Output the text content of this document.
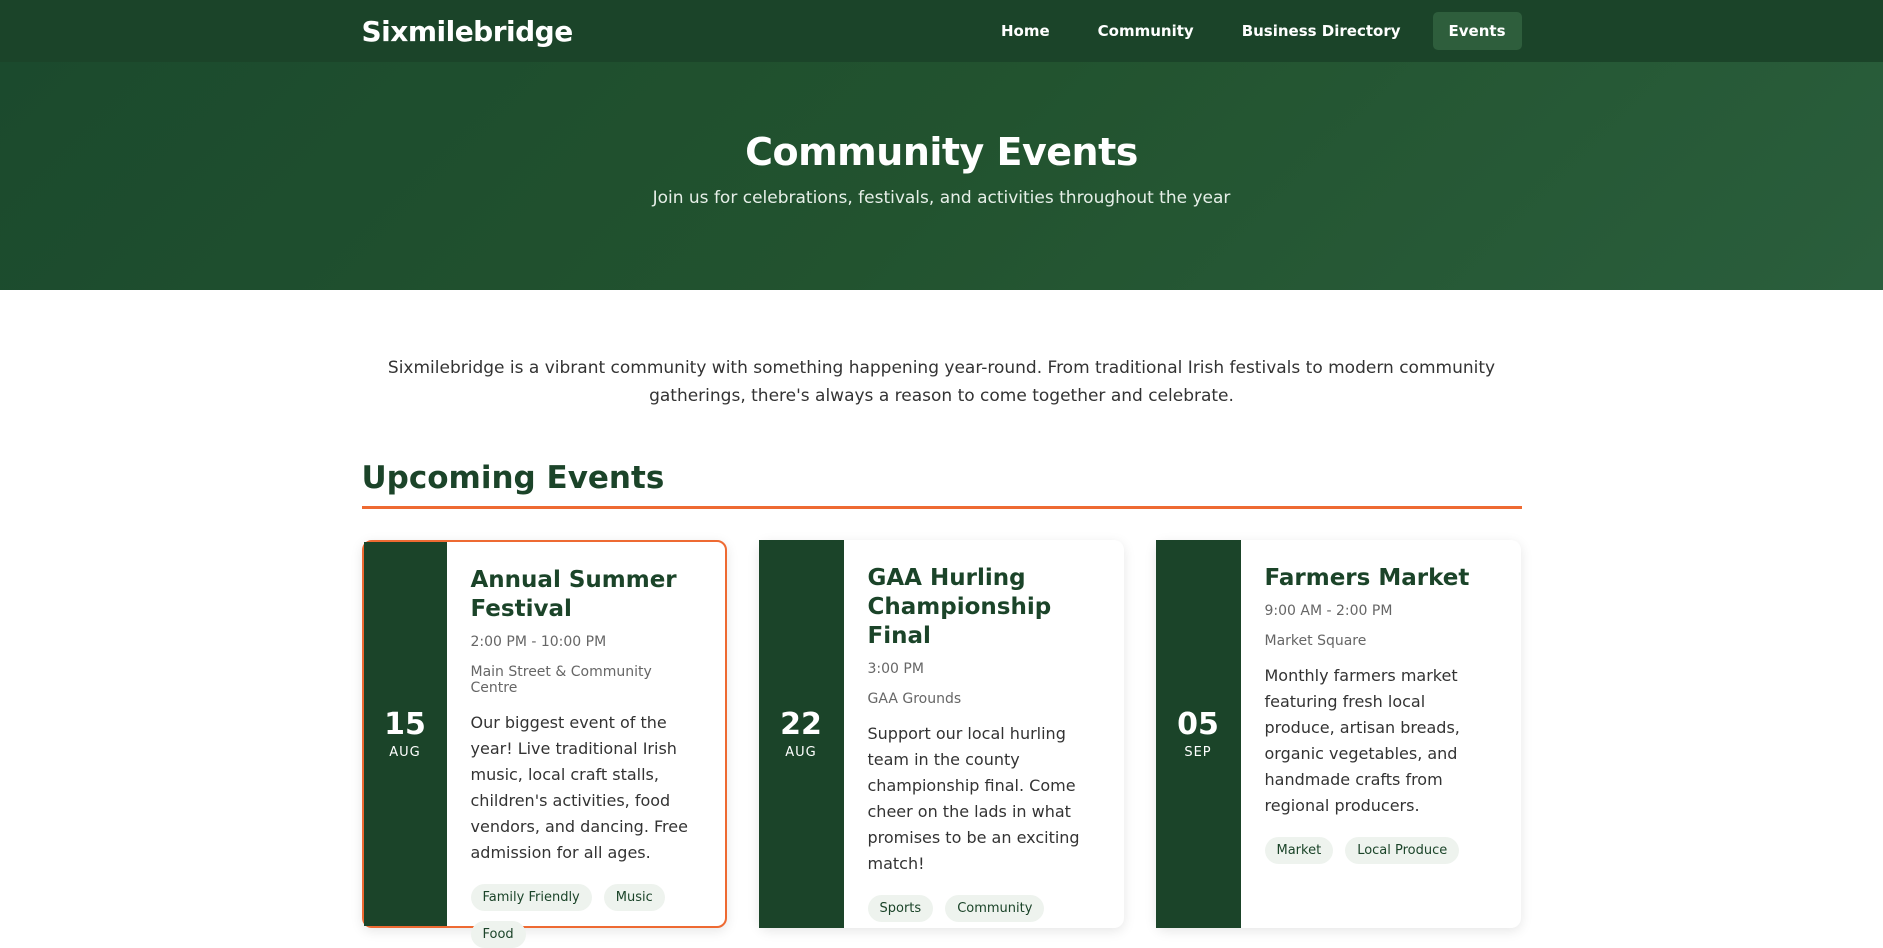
Sixmilebridge	Home	Community	Business Directory	Events
Community Events

Join us for celebrations, festivals, and activities throughout the year

Sixmilebridge is a vibrant community with something happening year-round. From traditional Irish festivals to modern community gatherings, there's always a reason to come together and celebrate.

Upcoming Events
15
AUG
Annual Summer Festival
2:00 PM - 10:00 PM
Main Street & Community Centre

Our biggest event of the year! Live traditional Irish music, local craft stalls, children's activities, food vendors, and dancing. Free admission for all ages.

Family Friendly	Music
Food
22
AUG
GAA Hurling Championship Final
3:00 PM
GAA Grounds

Support our local hurling team in the county championship final. Come cheer on the lads in what promises to be an exciting match!

Sports	Community
05
SEP
Farmers Market
9:00 AM - 2:00 PM
Market Square

Monthly farmers market featuring fresh local produce, artisan breads, organic vegetables, and handmade crafts from regional producers.

Market	Local Produce
